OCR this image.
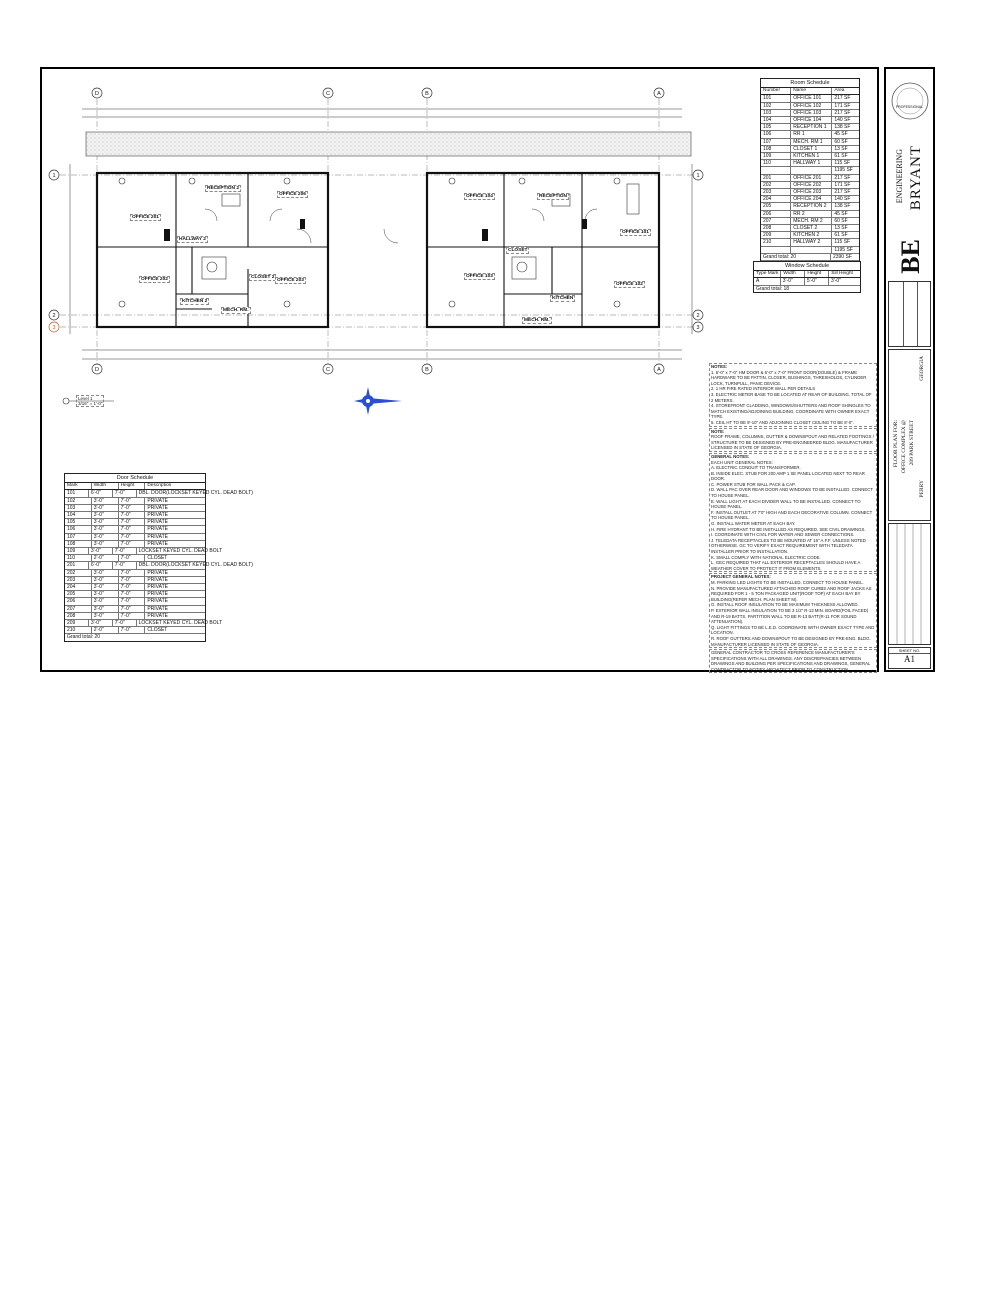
D	C	B	A
D	C	B	A
1
2
3
1
2
3
OFFICE 201
RECEPTION 2
OFFICE 206
HALLWAY 2
OFFICE 202	CLOSET 2
OFFICE 203
KITCHEN 2
MECH. RM.
OFFICE 104	RECEPTION
OFFICE 101
OFFICE 103
OFFICE 102
KITCHEN
MECH. RM.
CLOSET
Level 1
3/16" = 1'-0"
Room Schedule
Number	Name	Area
101	OFFICE 101	217 SF
102	OFFICE 102	171 SF
103	OFFICE 103	217 SF
104	OFFICE 104	140 SF
105	RECEPTION 1	138 SF
106	RR 1	45 SF
107	MECH. RM 1	60 SF
108	CLOSET 1	13 SF
109	KITCHEN 1	61 SF
110	HALLWAY 1	115 SF
1195 SF
201	OFFICE 201	217 SF
202	OFFICE 202	171 SF
203	OFFICE 203	217 SF
204	OFFICE 204	140 SF
205	RECEPTION 2	138 SF
206	RR 2	45 SF
207	MECH. RM 2	60 SF
208	CLOSET 2	13 SF
209	KITCHEN 2	61 SF
210	HALLWAY 2	115 SF
1195 SF
Grand total: 20	2390 SF
Window Schedule
Type Mark	Width	Height	Sill Height
A	3'-0"	5'-0"	3'-0"
Grand total: 18
Door Schedule
Mark	Width	Height	Description
101	6'-0"	7'-0"	DBL. DOOR(LOCKSET KEYED CYL. DEAD BOLT)
102	3'-0"	7'-0"	PRIVATE
103	3'-0"	7'-0"	PRIVATE
104	3'-0"	7'-0"	PRIVATE
105	3'-0"	7'-0"	PRIVATE
106	3'-0"	7'-0"	PRIVATE
107	3'-0"	7'-0"	PRIVATE
108	3'-0"	7'-0"	PRIVATE
109	3'-0"	7'-0"	LOCKSET KEYED CYL. DEAD BOLT
110	2'-0"	7'-0"	CLOSET
201	6'-0"	7'-0"	DBL. DOOR(LOCKSET KEYED CYL. DEAD BOLT)
202	3'-0"	7'-0"	PRIVATE
203	3'-0"	7'-0"	PRIVATE
204	3'-0"	7'-0"	PRIVATE
205	3'-0"	7'-0"	PRIVATE
206	3'-0"	7'-0"	PRIVATE
207	3'-0"	7'-0"	PRIVATE
208	3'-0"	7'-0"	PRIVATE
209	3'-0"	7'-0"	LOCKSET KEYED CYL. DEAD BOLT
210	2'-0"	7'-0"	CLOSET
Grand total: 20
NOTES:
1. 6'-0" x 7'-0" HM DOOR & 6'-0" x 7'-0" FRONT DOOR(DOUBLE) & FRAME HARDWARE TO BE PATTIN, CLOSER, BUSHINGS, THRESHOLDS, CYLINDER LOCK, TURNPULL, PANIC DEVICE.
2. 1 HR FIRE RATED INTERIOR WALL PER DETAILS
3. ELECTRIC METER BASE TO BE LOCATED AT REAR OF BUILDING. TOTAL OF 2 METERS.
4. STOREFRONT CLADDING, WINDOWS/SHUTTERS AND ROOF SHINGLES TO MATCH EXISTING/ADJOINING BUILDING. COORDINATE WITH OWNER EXACT TYPE.
5. CEIL HT TO BE 9'-10" AND ADJOINING CLOSET CEILING TO BE 8'-0".
NOTE:
ROOF FRAME, COLUMNS, GUTTER & DOWNSPOUT AND RELATED FOOTINGS / STRUCTURE TO BE DESIGNED BY PRE-ENGINEERED BLDG. MANUFACTURER LICENSED IN STATE OF GEORGIA.
GENERAL NOTES:
EACH UNIT GENERAL NOTES:
A. ELECTRIC CONDUIT TO TRANSFORMER.
B. INSIDE ELEC. STUB FOR 200 AMP 1 SE PANEL LOCATED NEXT TO REAR DOOR.
C. POWER STUB FOR WALL PACK & CAP.
D. WALL PAC OVER REAR DOOR AND WINDOWS TO BE INSTALLED. CONNECT TO HOUSE PANEL.
E. WALL LIGHT AT EACH DIVIDER WALL TO BE INSTALLED. CONNECT TO HOUSE PANEL.
F. INSTALL OUTLET AT 7'0" HIGH AND EACH DECORATIVE COLUMN. CONNECT TO HOUSE PANEL.
G. INSTALL WATER METER AT EACH BAY.
H. FIRE HYDRANT TO BE INSTALLED AS REQUIRED. SEE CIVIL DRAWINGS.
I. COORDINATE WITH CIVIL FOR WATER AND SEWER CONNECTIONS.
J. TELEDATA RECEPTACLES TO BE MOUNTED AT 16" A.F.F. UNLESS NOTED OTHERWISE. GC TO VERIFY EXACT REQUIREMENT WITH TELEDATA INSTALLER PRIOR TO INSTALLATION.
K. SMALL COMPLY WITH NATIONAL ELECTRIC CODE.
L. GEC REQUIRED THAT ALL EXTERIOR RECEPTACLES SHOULD HAVE A WEATHER COVER TO PROTECT IT FROM ELEMENTS.
PROJECT GENERAL NOTES:
M. PARKING LED LIGHTS TO BE INSTALLED. CONNECT TO HOUSE PANEL.
N. PROVIDE MANUFACTURED ATTACHED ROOF CURBS AND ROOF JACKS AS REQUIRED FOR 1 - 5 TON PACKAGED UNIT(ROOF TOP) AT EACH BAY BY BUILDING(REFER MECH. PLAN SHEET M).
O. INSTALL ROOF INSULATION TO BE MAXIMUM THICKNESS ALLOWED.
P. EXTERIOR WALL INSULATION TO BE 3 1/2" R-13 MIN. BOARD(FOIL FACED) AND R-19 BATTS. PARTITION WALL TO BE R-13 BATT(R-11 FOR SOUND ATTENUATION).
Q. LIGHT FITTINGS TO BE L.E.D. COORDINATE WITH OWNER EXACT TYPE AND LOCATION.
R. ROOF GUTTERS AND DOWNSPOUT TO BE DESIGNED BY PRE-ENG. BLDG. MANUFACTURER LICENSED IN STATE OF GEORGIA.
GENERAL CONTRACTOR TO CROSS REFERENCE MANUFACTURER'S SPECIFICATIONS WITH ALL DRAWINGS. ANY DISCREPANCIES BETWEEN DRAWINGS AND BUILDING PER SPECIFICATIONS AND DRAWINGS, GENERAL CONTRACTOR TO NOTIFY ARCHITECT PRIOR TO CONSTRUCTION.
PROFESSIONAL
BRYANT
ENGINEERING
BE
FLOOR PLAN FOR: OFFICE COMPLEX @ 209 PARK STREET
GEORGIA
PERRY
SHEET NO.
A1
